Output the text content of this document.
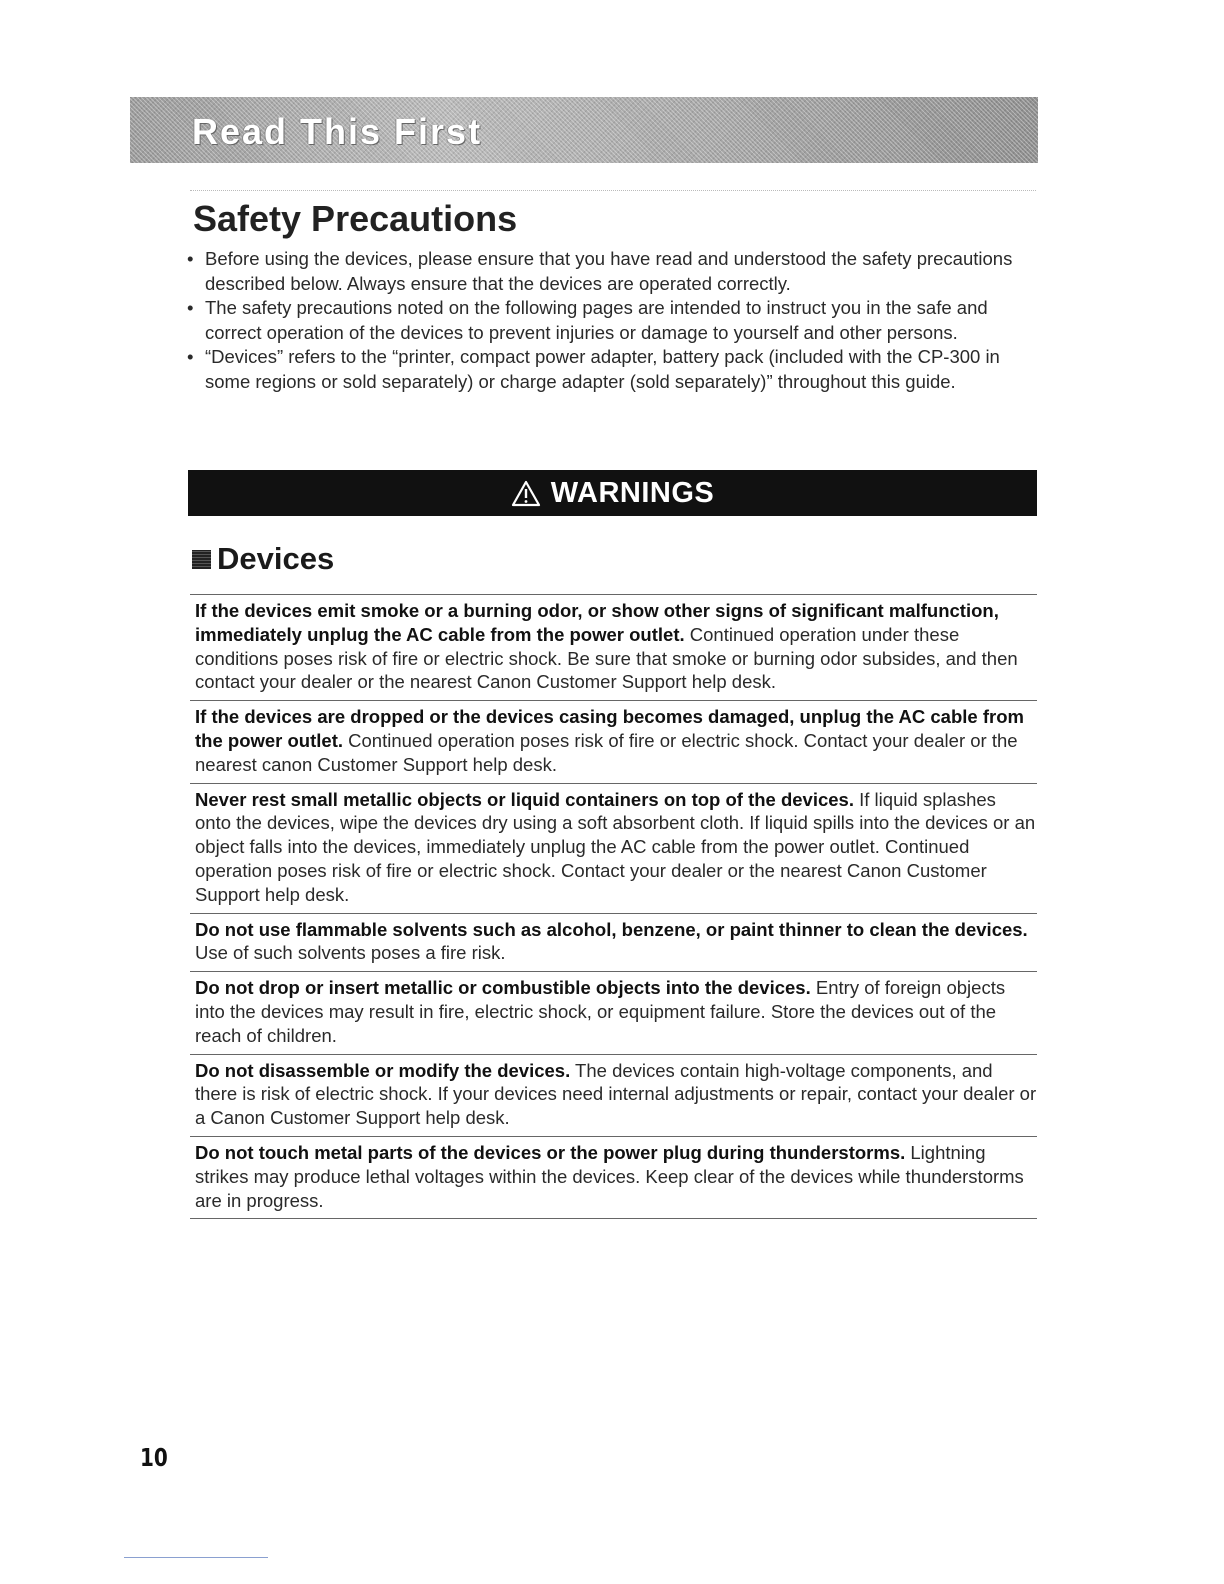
Read This First
Safety Precautions
• Before using the devices, please ensure that you have read and understood the safety precautions described below. Always ensure that the devices are operated correctly.
• The safety precautions noted on the following pages are intended to instruct you in the safe and correct operation of the devices to prevent injuries or damage to yourself and other persons.
• “Devices” refers to the “printer, compact power adapter, battery pack (included with the CP-300 in some regions or sold separately) or charge adapter (sold separately)” throughout this guide.
WARNINGS
Devices
If the devices emit smoke or a burning odor, or show other signs of significant malfunction, immediately unplug the AC cable from the power outlet. Continued operation under these conditions poses risk of fire or electric shock. Be sure that smoke or burning odor subsides, and then contact your dealer or the nearest Canon Customer Support help desk.
If the devices are dropped or the devices casing becomes damaged, unplug the AC cable from the power outlet. Continued operation poses risk of fire or electric shock. Contact your dealer or the nearest canon Customer Support help desk.
Never rest small metallic objects or liquid containers on top of the devices. If liquid splashes onto the devices, wipe the devices dry using a soft absorbent cloth. If liquid spills into the devices or an object falls into the devices, immediately unplug the AC cable from the power outlet. Continued operation poses risk of fire or electric shock. Contact your dealer or the nearest Canon Customer Support help desk.
Do not use flammable solvents such as alcohol, benzene, or paint thinner to clean the devices. Use of such solvents poses a fire risk.
Do not drop or insert metallic or combustible objects into the devices. Entry of foreign objects into the devices may result in fire, electric shock, or equipment failure. Store the devices out of the reach of children.
Do not disassemble or modify the devices. The devices contain high-voltage components, and there is risk of electric shock. If your devices need internal adjustments or repair, contact your dealer or a Canon Customer Support help desk.
Do not touch metal parts of the devices or the power plug during thunderstorms. Lightning strikes may produce lethal voltages within the devices. Keep clear of the devices while thunderstorms are in progress.
10
